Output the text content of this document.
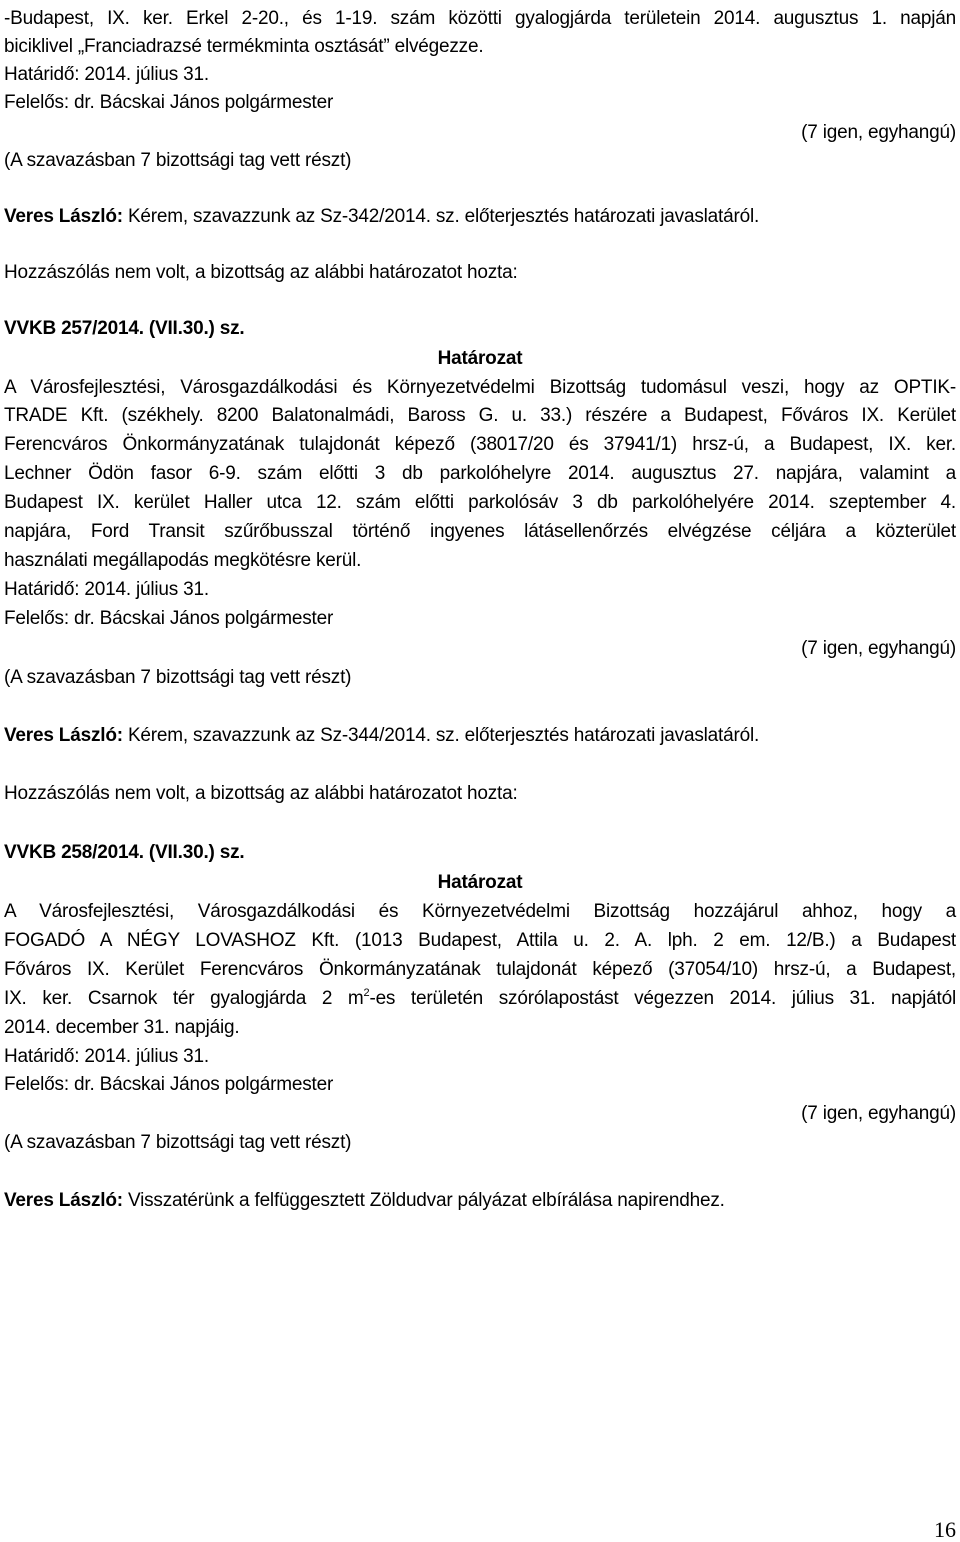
-Budapest, IX. ker. Erkel 2-20., és 1-19. szám közötti gyalogjárda területein 2014. augusztus 1. napján
biciklivel „Franciadrazsé termékminta osztását” elvégezze.
Határidő: 2014. július 31.
Felelős: dr. Bácskai János polgármester
(7 igen, egyhangú)
(A szavazásban 7 bizottsági tag vett részt)
Veres László: Kérem, szavazzunk az Sz-342/2014. sz. előterjesztés határozati javaslatáról.
Hozzászólás nem volt, a bizottság az alábbi határozatot hozta:
VVKB 257/2014. (VII.30.) sz.
Határozat
A Városfejlesztési, Városgazdálkodási és Környezetvédelmi Bizottság tudomásul veszi, hogy az OPTIK-
TRADE Kft. (székhely. 8200 Balatonalmádi, Baross G. u. 33.) részére a Budapest, Főváros IX. Kerület
Ferencváros Önkormányzatának tulajdonát képező (38017/20 és 37941/1) hrsz-ú, a Budapest, IX. ker.
Lechner Ödön fasor 6-9. szám előtti 3 db parkolóhelyre 2014. augusztus 27. napjára, valamint a
Budapest IX. kerület Haller utca 12. szám előtti parkolósáv 3 db parkolóhelyére 2014. szeptember 4.
napjára, Ford Transit szűrőbusszal történő ingyenes látásellenőrzés elvégzése céljára a közterület
használati megállapodás megkötésre kerül.
Határidő: 2014. július 31.
Felelős: dr. Bácskai János polgármester
(7 igen, egyhangú)
(A szavazásban 7 bizottsági tag vett részt)
Veres László: Kérem, szavazzunk az Sz-344/2014. sz. előterjesztés határozati javaslatáról.
Hozzászólás nem volt, a bizottság az alábbi határozatot hozta:
VVKB 258/2014. (VII.30.) sz.
Határozat
A Városfejlesztési, Városgazdálkodási és Környezetvédelmi Bizottság hozzájárul ahhoz, hogy a
FOGADÓ A NÉGY LOVASHOZ Kft. (1013 Budapest, Attila u. 2. A. lph. 2 em. 12/B.) a Budapest
Főváros IX. Kerület Ferencváros Önkormányzatának tulajdonát képező (37054/10) hrsz-ú, a Budapest,
IX. ker. Csarnok tér gyalogjárda 2 $m^2-es$ területén szórólapostást végezzen 2014. július 31. napjától
2014. december 31. napjáig.
Határidő: 2014. július 31.
Felelős: dr. Bácskai János polgármester
(7 igen, egyhangú)
(A szavazásban 7 bizottsági tag vett részt)
Veres László: Visszatérünk a felfüggesztett Zöldudvar pályázat elbírálása napirendhez.
16
